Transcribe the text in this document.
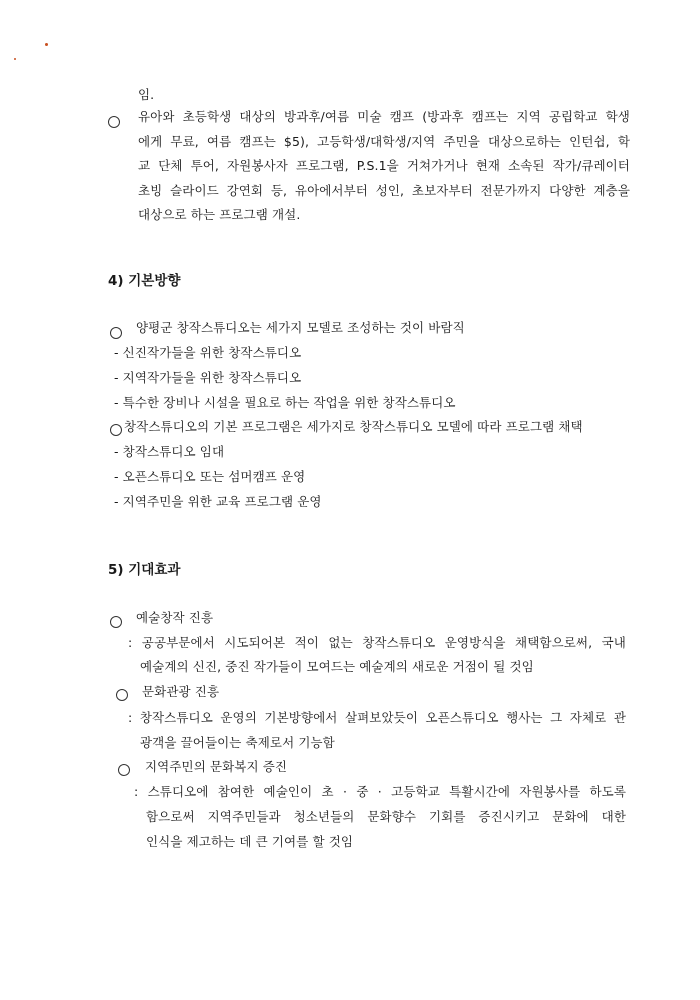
임.
유아와 초등학생 대상의 방과후/여름 미술 캠프 (방과후 캠프는 지역 공립학교 학생
에게 무료, 여름 캠프는 $5), 고등학생/대학생/지역 주민을 대상으로하는 인턴쉽, 학
교 단체 투어, 자원봉사자 프로그램, P.S.1을 거쳐가거나 현재 소속된 작가/큐레이터
초빙 슬라이드 강연회 등, 유아에서부터 성인, 초보자부터 전문가까지 다양한 계층을
대상으로 하는 프로그램 개설.
4) 기본방향
양평군 창작스튜디오는 세가지 모델로 조성하는 것이 바람직
- 신진작가들을 위한 창작스튜디오
- 지역작가들을 위한 창작스튜디오
- 특수한 장비나 시설을 필요로 하는 작업을 위한 창작스튜디오
창작스튜디오의 기본 프로그램은 세가지로 창작스튜디오 모델에 따라 프로그램 채택
- 창작스튜디오 임대
- 오픈스튜디오 또는 섬머캠프 운영
- 지역주민을 위한 교육 프로그램 운영
5) 기대효과
예술창작 진흥
: 공공부문에서 시도되어본 적이 없는 창작스튜디오 운영방식을 채택함으로써, 국내
예술계의 신진, 중진 작가들이 모여드는 예술계의 새로운 거점이 될 것임
문화관광 진흥
: 창작스튜디오 운영의 기본방향에서 살펴보았듯이 오픈스튜디오 행사는 그 자체로 관
광객을 끌어들이는 축제로서 기능함
지역주민의 문화복지 증진
: 스튜디오에 참여한 예술인이 초 · 중 · 고등학교 특활시간에 자원봉사를 하도록
함으로써 지역주민들과 청소년들의 문화향수 기회를 증진시키고 문화에 대한
인식을 제고하는 데 큰 기여를 할 것임
